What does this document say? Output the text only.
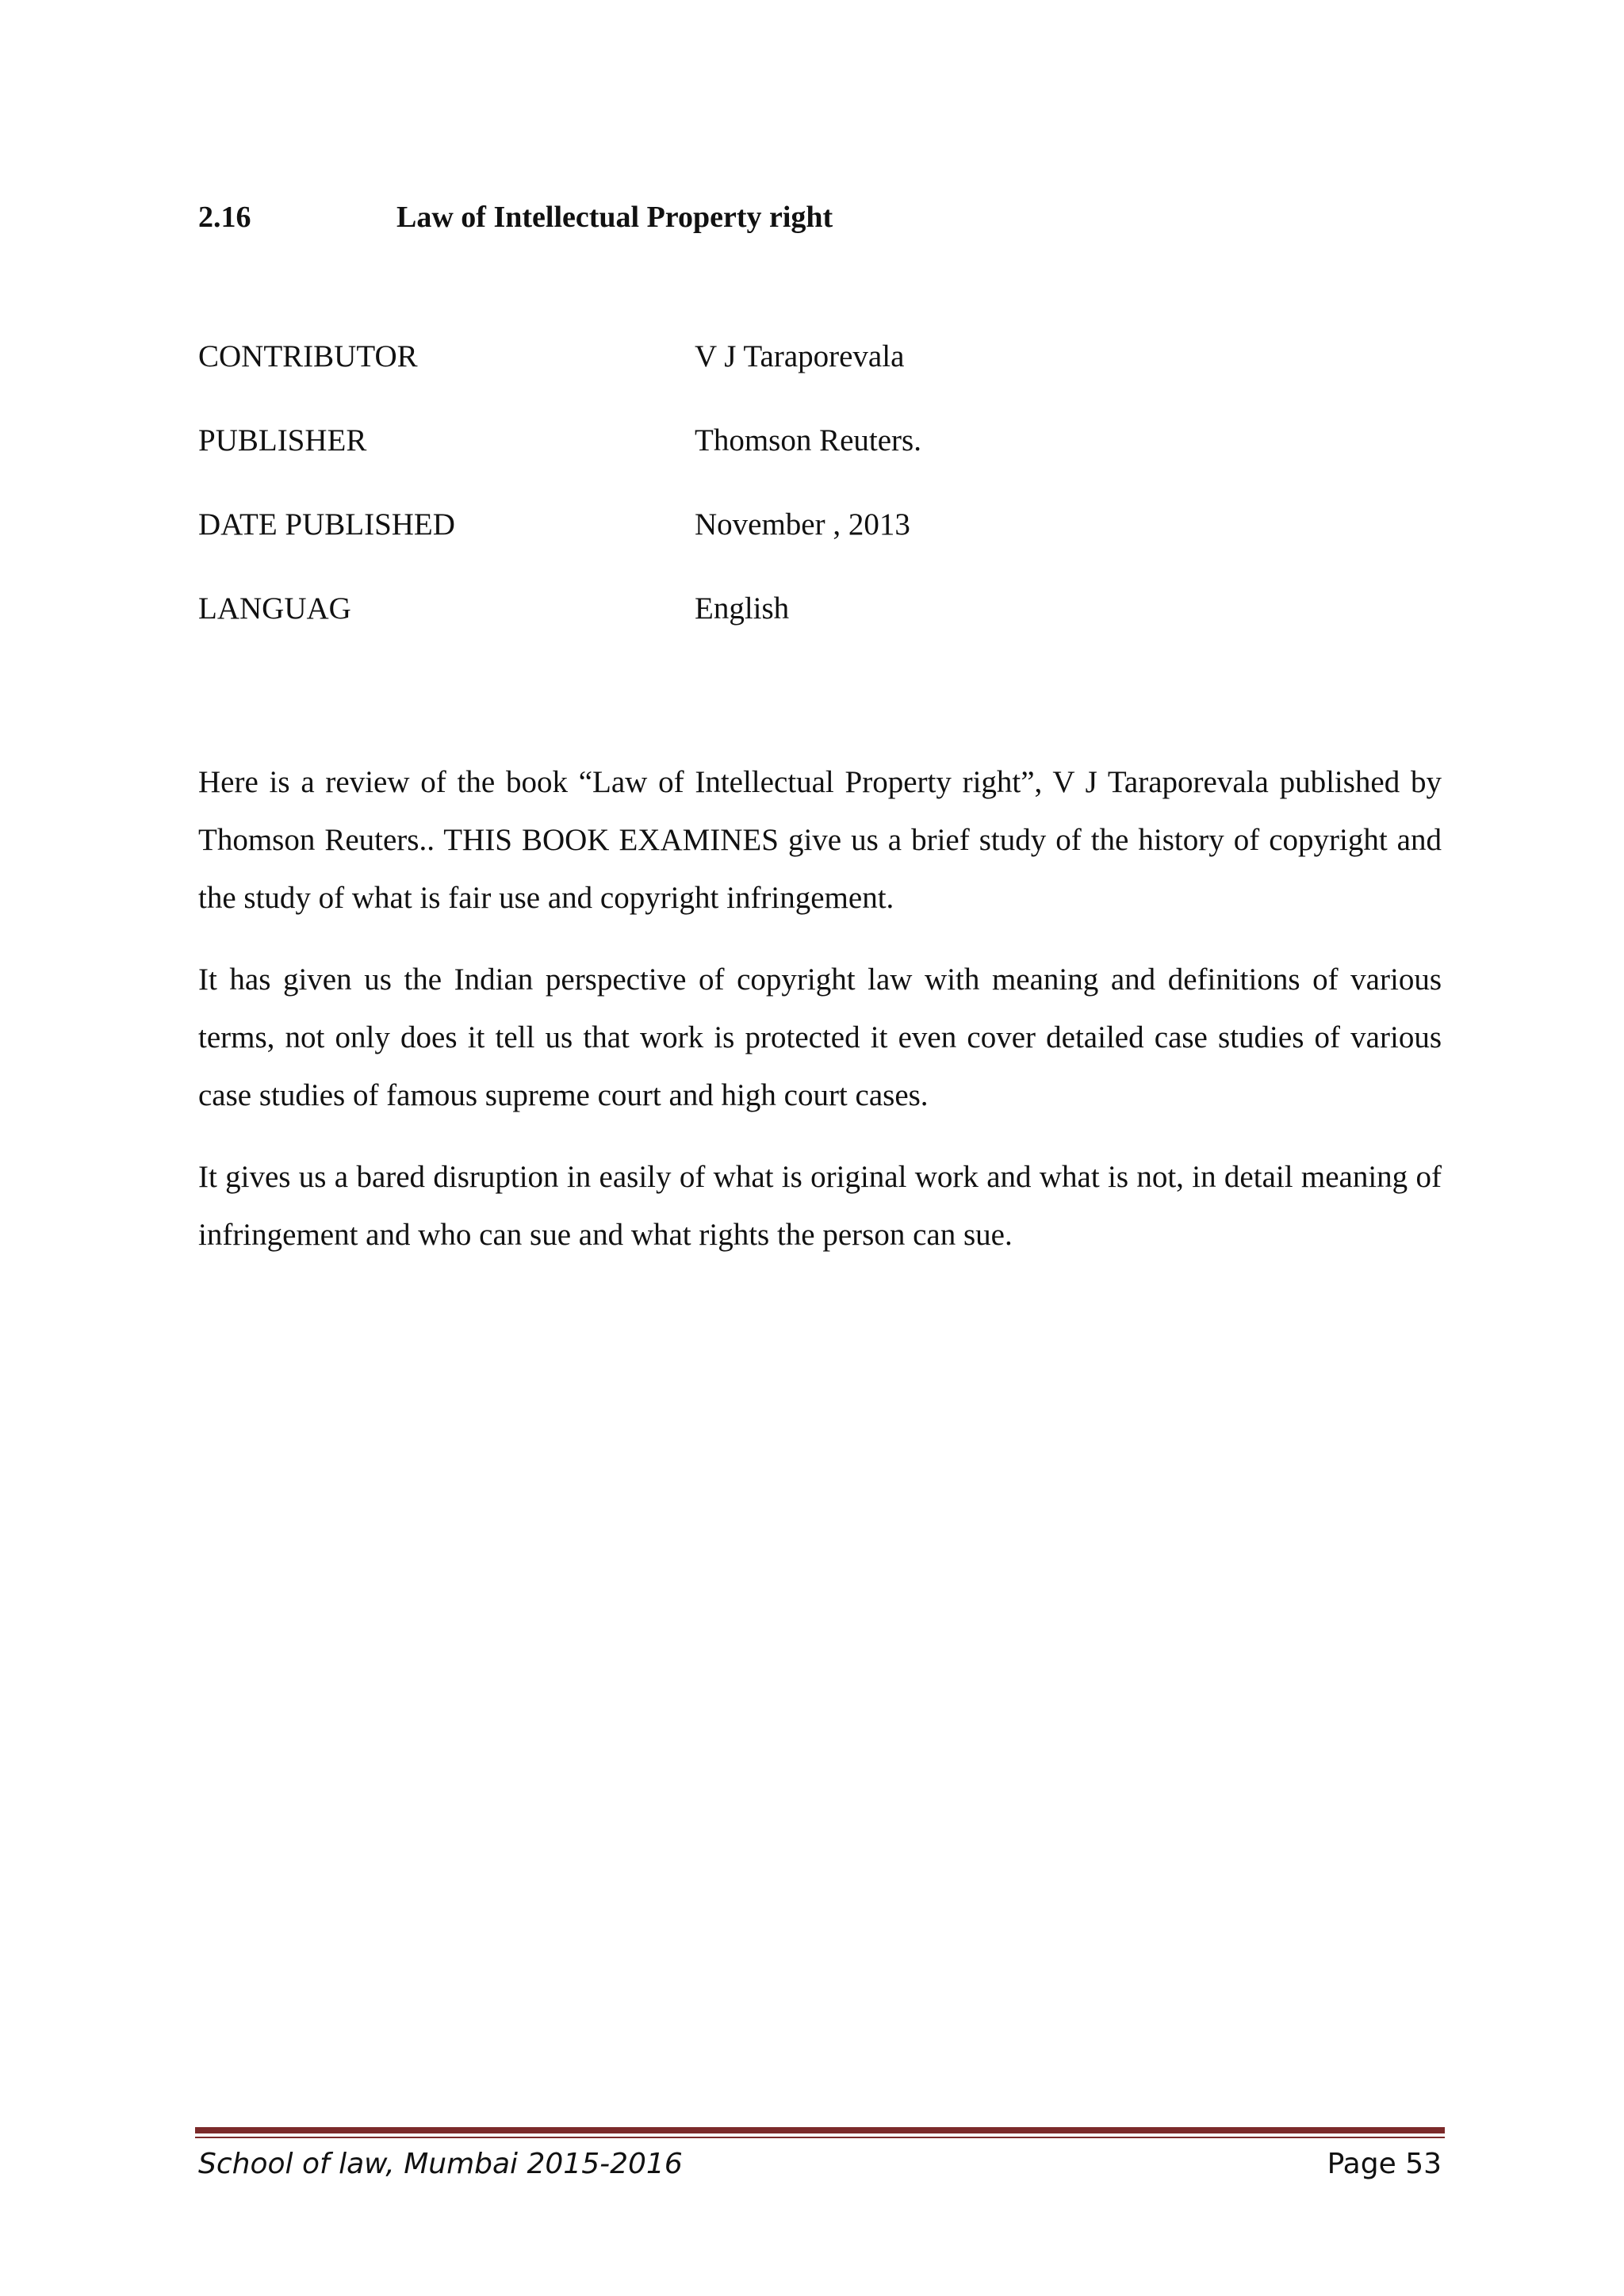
2.16	Law of Intellectual Property right
CONTRIBUTOR	V J Taraporevala
PUBLISHER	Thomson Reuters.
DATE PUBLISHED	November , 2013
LANGUAG	English

Here is a review of the book “Law of Intellectual Property right”, V J Taraporevala published by Thomson Reuters.. THIS BOOK EXAMINES give us a brief study of the history of copyright and the study of what is fair use and copyright infringement.

It has given us the Indian perspective of copyright law with meaning and definitions of various terms, not only does it tell us that work is protected it even cover detailed case studies of various case studies of famous supreme court and high court cases.

It gives us a bared disruption in easily of what is original work and what is not, in detail meaning of infringement and who can sue and what rights the person can sue.

School of law, Mumbai 2015-2016	Page 53
